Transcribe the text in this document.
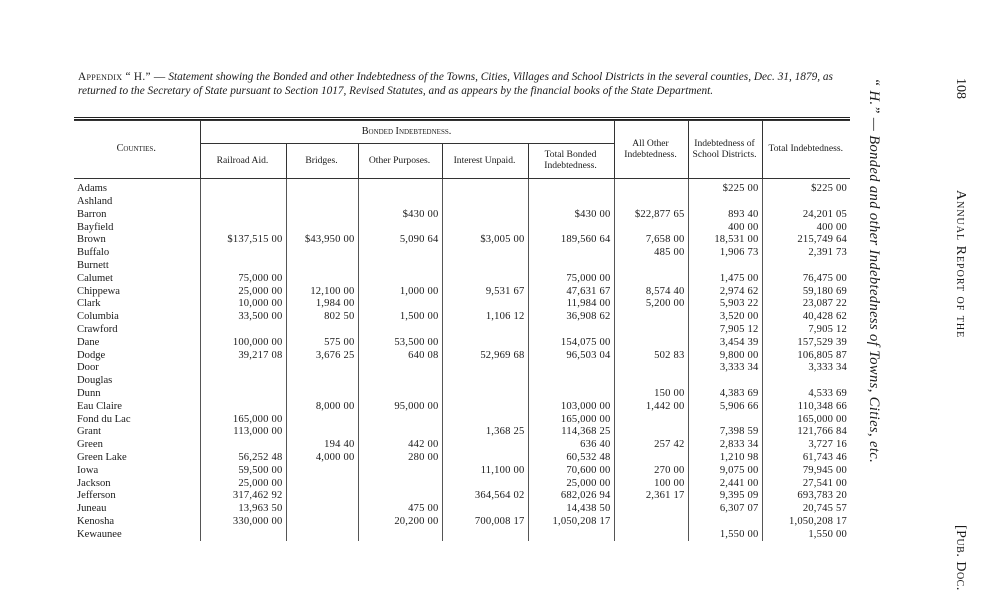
Appendix “ H.” — Statement showing the Bonded and other Indebtedness of the Towns, Cities, Villages and School Districts in the several counties, Dec. 31, 1879, as returned to the Secretary of State pursuant to Section 1017, Revised Statutes, and as appears by the financial books of the State Department.

Counties.	Bonded Indebtedness.					All Other Indebtedness.	Indebtedness of School Districts.	Total Indebtedness.
	Railroad Aid.	Bridges.	Other Purposes.	Interest Unpaid.	Total Bonded Indebtedness.			
Adams							$225 00	$225 00
Ashland								
Barron			$430 00		$430 00	$22,877 65	893 40	24,201 05
Bayfield							400 00	400 00
Brown	$137,515 00	$43,950 00	5,090 64	$3,005 00	189,560 64	7,658 00	18,531 00	215,749 64
Buffalo						485 00	1,906 73	2,391 73
Burnett								
Calumet	75,000 00				75,000 00		1,475 00	76,475 00
Chippewa	25,000 00	12,100 00	1,000 00	9,531 67	47,631 67	8,574 40	2,974 62	59,180 69
Clark	10,000 00	1,984 00			11,984 00	5,200 00	5,903 22	23,087 22
Columbia	33,500 00	802 50	1,500 00	1,106 12	36,908 62		3,520 00	40,428 62
Crawford							7,905 12	7,905 12
Dane	100,000 00	575 00	53,500 00		154,075 00		3,454 39	157,529 39
Dodge	39,217 08	3,676 25	640 08	52,969 68	96,503 04	502 83	9,800 00	106,805 87
Door							3,333 34	3,333 34
Douglas								
Dunn						150 00	4,383 69	4,533 69
Eau Claire		8,000 00	95,000 00		103,000 00	1,442 00	5,906 66	110,348 66
Fond du Lac	165,000 00				165,000 00			165,000 00
Grant	113,000 00			1,368 25	114,368 25		7,398 59	121,766 84
Green		194 40	442 00		636 40	257 42	2,833 34	3,727 16
Green Lake	56,252 48	4,000 00	280 00		60,532 48		1,210 98	61,743 46
Iowa	59,500 00			11,100 00	70,600 00	270 00	9,075 00	79,945 00
Jackson	25,000 00				25,000 00	100 00	2,441 00	27,541 00
Jefferson	317,462 92			364,564 02	682,026 94	2,361 17	9,395 09	693,783 20
Juneau	13,963 50		475 00		14,438 50		6,307 07	20,745 57
Kenosha	330,000 00		20,200 00	700,008 17	1,050,208 17			1,050,208 17
Kewaunee							1,550 00	1,550 00
108
Annual Report of the
[Pub. Doc.
“ H.” — Bonded and other Indebtedness of Towns, Cities, etc.
